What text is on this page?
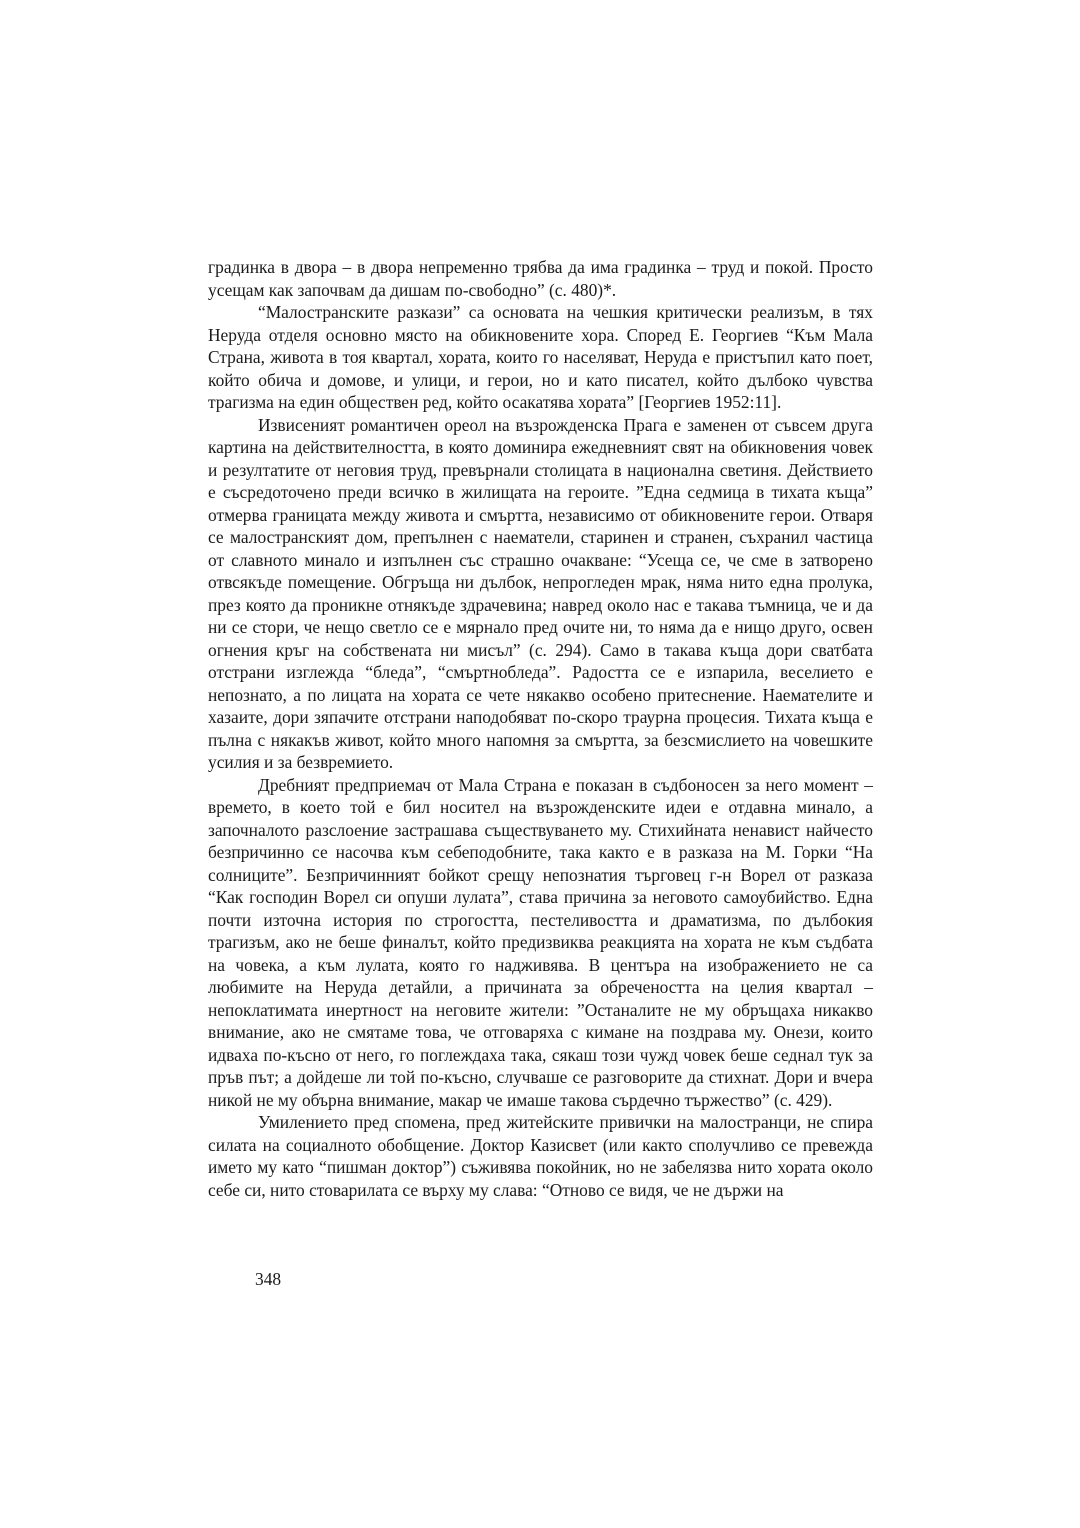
градинка в двора – в двора непременно трябва да има градинка – труд и покой. Просто усещам как започвам да дишам по-свободно” (с. 480)*.

“Малостранските разкази” са основата на чешкия критически реализъм, в тях Неруда отделя основно място на обикновените хора. Според Е. Георгиев “Към Мала Страна, живота в тоя квартал, хората, които го населяват, Неруда е пристъпил като поет, който обича и домове, и улици, и герои, но и като писател, който дълбоко чувства трагизма на един обществен ред, който осакатява хората” [Георгиев 1952:11].

Извисеният романтичен ореол на възрожденска Прага е заменен от съвсем друга картина на действителността, в която доминира ежедневният свят на обикновения човек и резултатите от неговия труд, превърнали столицата в национална светиня. Действието е съсредоточено преди всичко в жилищата на героите. ”Една седмица в тихата къща” отмерва границата между живота и смъртта, независимо от обикновените герои. Отваря се малостранският дом, препълнен с наематели, старинен и странен, съхранил частица от славното минало и изпълнен със страшно очакване: “Усеща се, че сме в затворено отвсякъде помещение. Обгръща ни дълбок, непрогледен мрак, няма нито една пролука, през която да проникне отнякъде здрачевина; навред около нас е такава тъмница, че и да ни се стори, че нещо светло се е мярнало пред очите ни, то няма да е нищо друго, освен огнения кръг на собствената ни мисъл” (с. 294). Само в такава къща дори сватбата отстрани изглежда “бледа”, “смъртнобледа”. Радостта се е изпарила, веселието е непознато, а по лицата на хората се чете някакво особено притеснение. Наемателите и хазаите, дори зяпачите отстрани наподобяват по-скоро траурна процесия. Тихата къща е пълна с някакъв живот, който много напомня за смъртта, за безсмислието на човешките усилия и за безвремието.

Дребният предприемач от Мала Страна е показан в съдбоносен за него момент – времето, в което той е бил носител на възрожденските идеи е отдавна минало, а започналото разслоение застрашава съществуването му. Стихийната ненавист найчесто безпричинно се насочва към себеподобните, така както е в разказа на М. Горки “На солниците”. Безпричинният бойкот срещу непознатия търговец г-н Ворел от разказа “Как господин Ворел си опуши лулата”, става причина за неговото самоубийство. Една почти източна история по строгостта, пестеливостта и драматизма, по дълбокия трагизъм, ако не беше финалът, който предизвиква реакцията на хората не към съдбата на човека, а към лулата, която го надживява. В центъра на изображението не са любимите на Неруда детайли, а причината за обречеността на целия квартал – непоклатимата инертност на неговите жители: ”Останалите не му обръщаха никакво внимание, ако не смятаме това, че отговаряха с кимане на поздрава му. Онези, които идваха по-късно от него, го поглеждаха така, сякаш този чужд човек беше седнал тук за пръв път; а дойдеше ли той по-късно, случваше се разговорите да стихнат. Дори и вчера никой не му обърна внимание, макар че имаше такова сърдечно тържество” (с. 429).

Умилението пред спомена, пред житейските привички на малостранци, не спира силата на социалното обобщение. Доктор Казисвет (или както сполучливо се превежда името му като “пишман доктор”) съживява покойник, но не забелязва нито хората около себе си, нито стоварилата се върху му слава: “Отново се видя, че не държи на

348
